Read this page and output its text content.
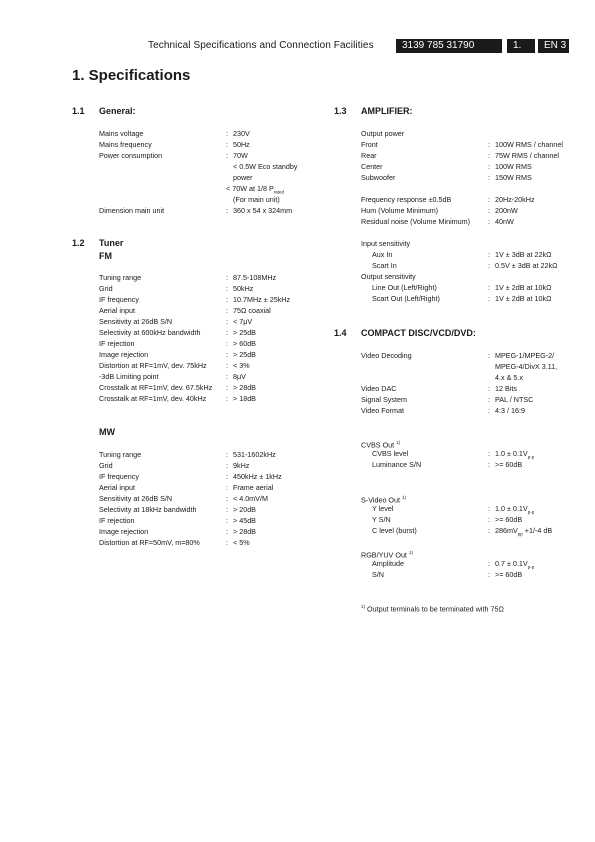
Technical Specifications and Connection Facilities	3139 785 31790	1.	EN 3
1. Specifications
1.1 General:
Mains voltage	: 230V
Mains frequency	: 50Hz
Power consumption	: 70W
< 0.5W Eco standby
power
< 70W at 1/8 $P_{rated}$
(For main unit)
Dimension main unit	: 360 x 54 x 324mm
1.2 Tuner
FM
Tuning range	: 87.5-108MHz
Grid	: 50kHz
IF frequency	: 10.7MHz ± 25kHz
Aerial input	: 75Ω coaxial
Sensitivity at 26dB S/N	: < 7μV
Selectivity at 600kHz bandwidth	: > 25dB
IF rejection	: > 60dB
Image rejection	: > 25dB
Distortion at RF=1mV, dev. 75kHz	: < 3%
-3dB Limiting point	: 8μV
Crosstalk at RF=1mV, dev. 67.5kHz : > 28dB
Crosstalk at RF=1mV, dev. 40kHz	: > 18dB
MW
Tuning range	: 531-1602kHz
Grid	: 9kHz
IF frequency	: 450kHz ± 1kHz
Aerial input	: Frame aerial
Sensitivity at 26dB S/N	: < 4.0mV/M
Selectivity at 18kHz bandwidth	: > 20dB
IF rejection	: > 45dB
Image rejection	: > 28dB
Distortion at RF=50mV, m=80%	: < 5%
1.3 AMPLIFIER:
Output power
Front	: 100W RMS / channel
Rear	: 75W RMS / channel
Center	: 100W RMS
Subwoofer	: 150W RMS
Frequency response ±0.5dB	: 20Hz-20kHz
Hum (Volume Minimum)	: 200nW
Residual noise (Volume Minimum) : 40nW
Input sensitivity
Aux In	: 1V ± 3dB at 22kΩ
Scart In	: 0.5V ± 3dB at 22kΩ
Output sensitivity
Line Out (Left/Right)	: 1V ± 2dB at 10kΩ
Scart Out (Left/Right)	: 1V ± 2dB at 10kΩ
1.4 COMPACT DISC/VCD/DVD:
Video Decoding	: MPEG-1/MPEG-2/
MPEG-4/DivX 3.11,
4.x & 5.x
Video DAC	: 12 Bits
Signal System	: PAL / NTSC
Video Format	: 4:3 / 16:9
CVBS Out $^{1)}$
CVBS level	: $1.0 \pm 0.1V_{p-p}$
Luminance S/N	: >= 60dB
S-Video Out $^{1)}$
Y level	: $1.0 \pm 0.1V_{p-p}$
Y S/N	: >= 60dB
C level (burst)	: $286mV_{pp} +1/-4$ dB
RGB/YUV Out $^{1)}$
Amplitude	: $0.7 \pm 0.1V_{p-p}$
S/N	: >= 60dB
$^{1)}$ Output terminals to be terminated with 75Ω
